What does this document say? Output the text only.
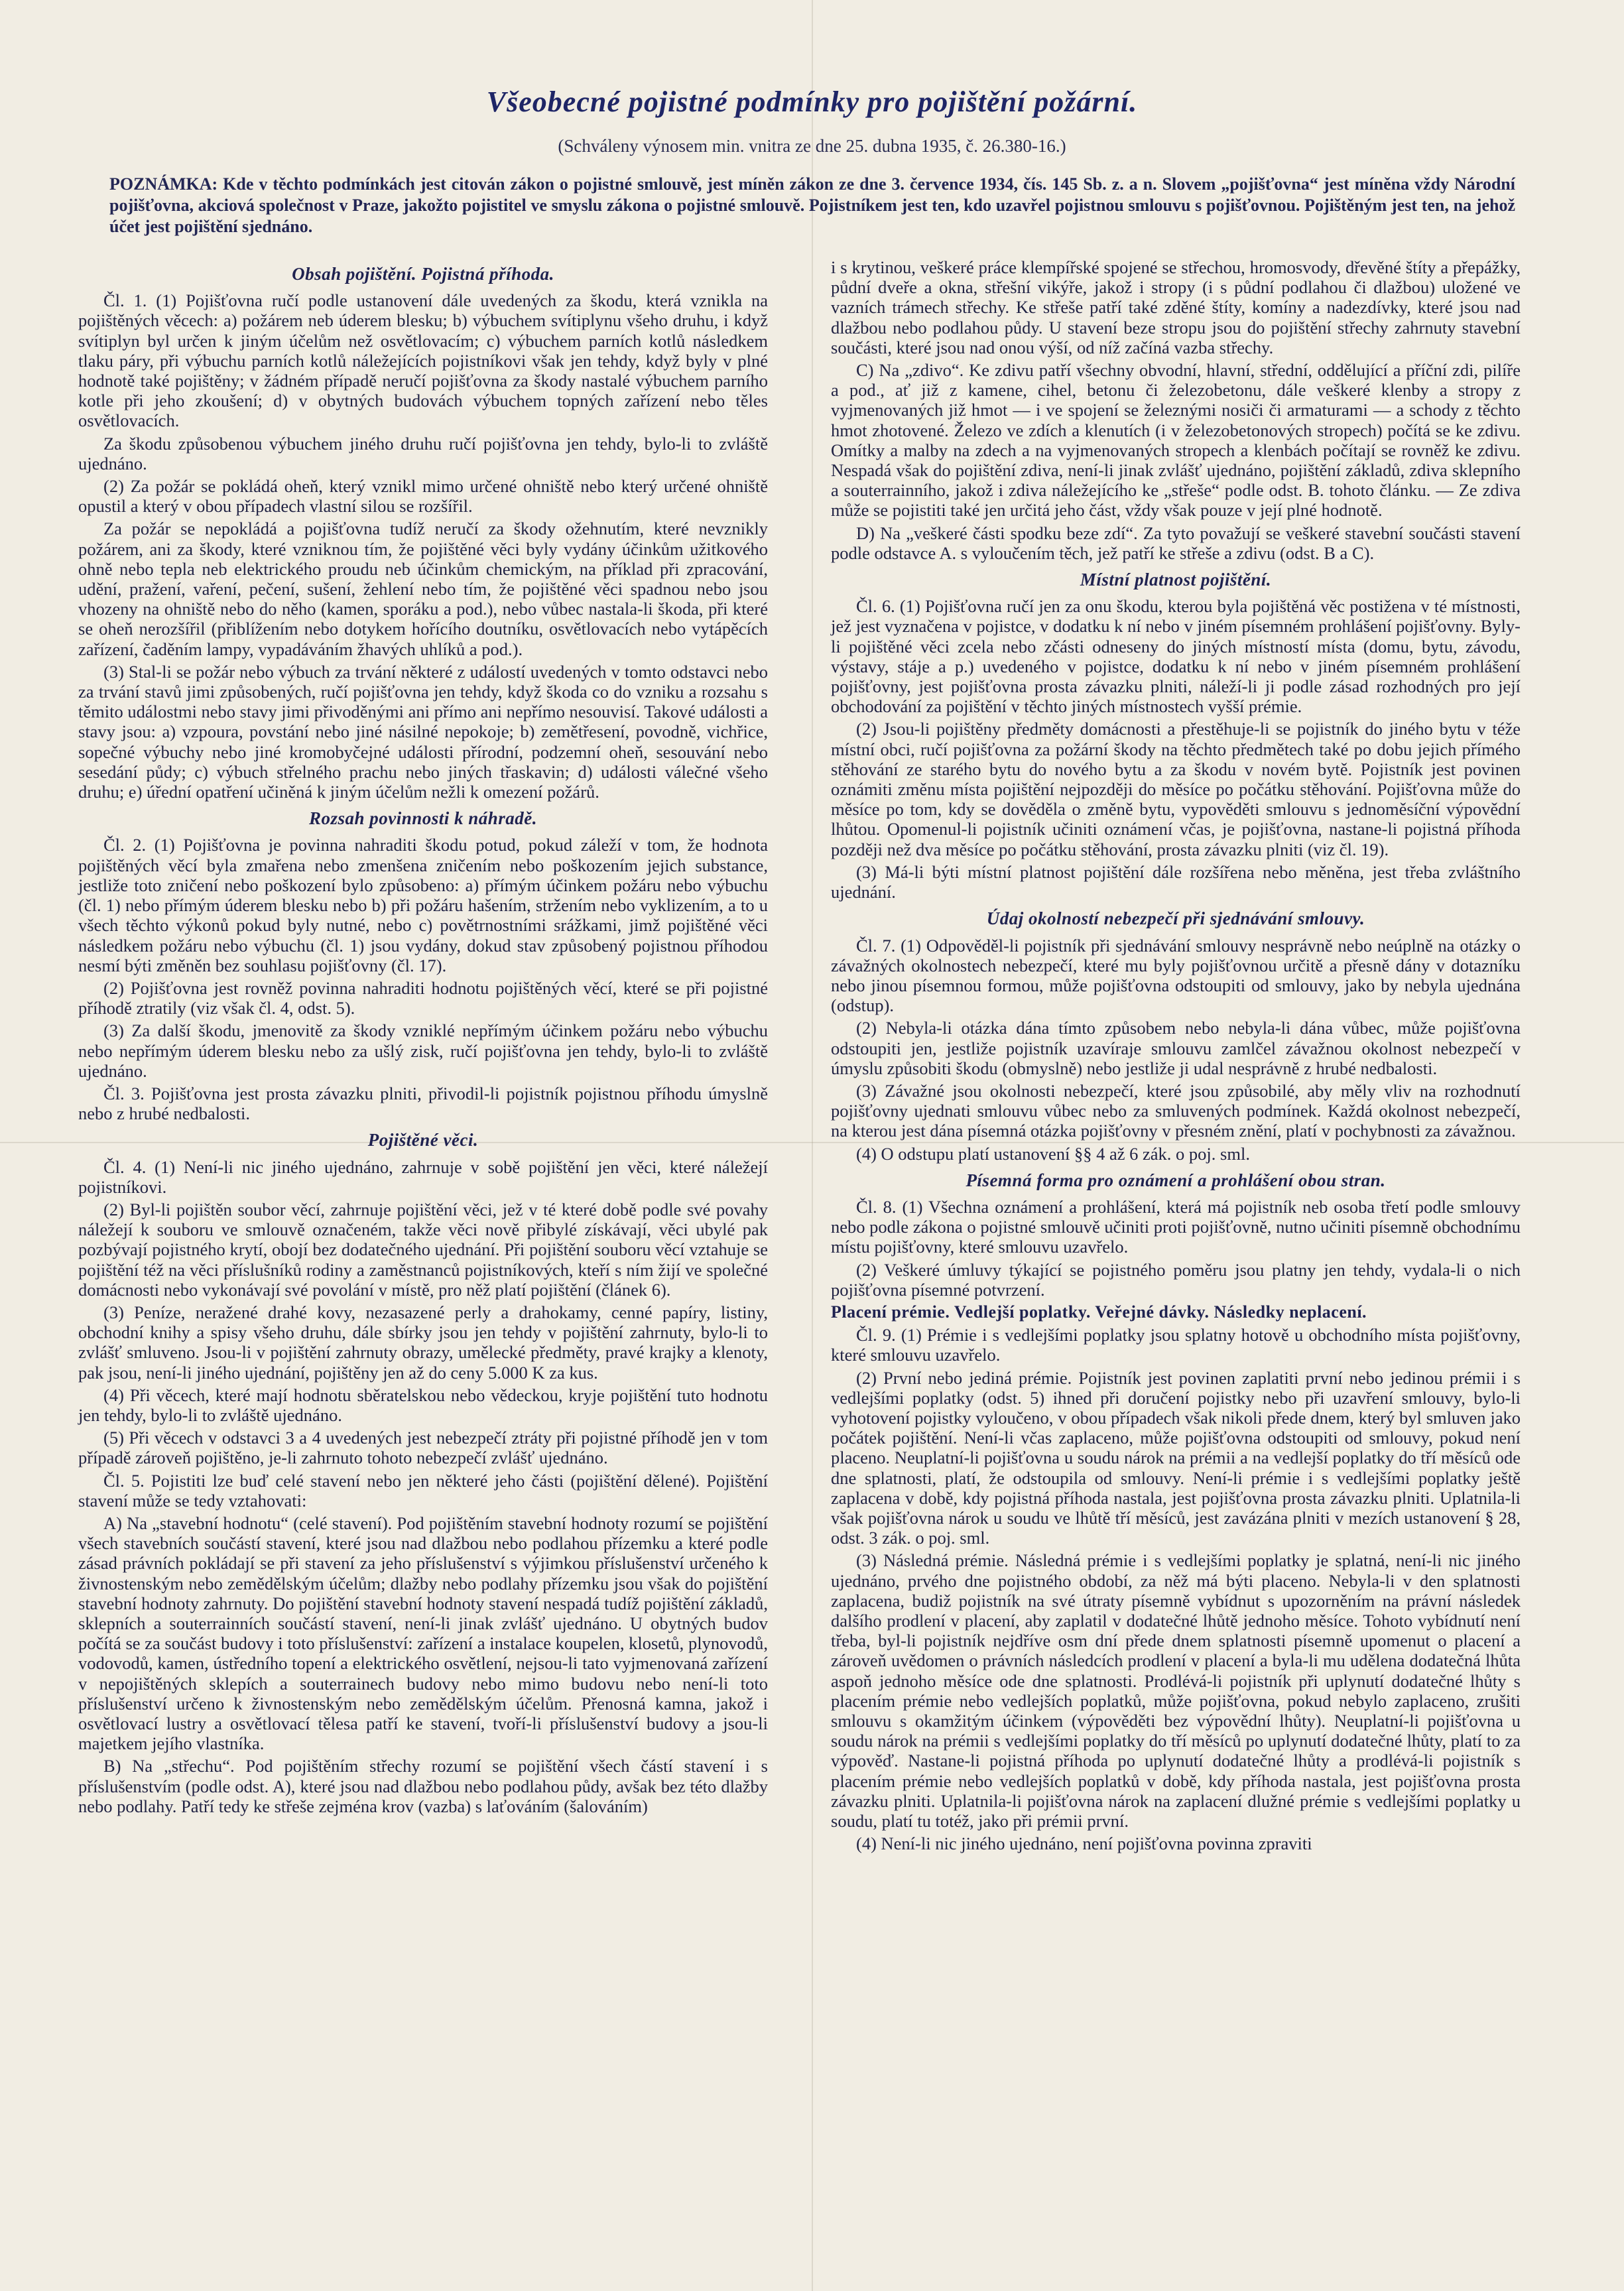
Všeobecné pojistné podmínky pro pojištění požární.
(Schváleny výnosem min. vnitra ze dne 25. dubna 1935, č. 26.380-16.)
POZNÁMKA: Kde v těchto podmínkách jest citován zákon o pojistné smlouvě, jest míněn zákon ze dne 3. července 1934, čís. 145 Sb. z. a n. Slovem „pojišťovna“ jest míněna vždy Národní pojišťovna, akciová společnost v Praze, jakožto pojistitel ve smyslu zákona o pojistné smlouvě. Pojistníkem jest ten, kdo uzavřel pojistnou smlouvu s pojišťovnou. Pojištěným jest ten, na jehož účet jest pojištění sjednáno.
Obsah pojištění. Pojistná příhoda.

Čl. 1. (1) Pojišťovna ručí podle ustanovení dále uvedených za škodu, která vznikla na pojištěných věcech: a) požárem neb úderem blesku; b) výbuchem svítiplynu všeho druhu, i když svítiplyn byl určen k jiným účelům než osvětlovacím; c) výbuchem parních kotlů následkem tlaku páry, při výbuchu parních kotlů náležejících pojistníkovi však jen tehdy, když byly v plné hodnotě také pojištěny; v žádném případě neručí pojišťovna za škody nastalé výbuchem parního kotle při jeho zkoušení; d) v obytných budovách výbuchem topných zařízení nebo těles osvětlovacích.

Za škodu způsobenou výbuchem jiného druhu ručí pojišťovna jen tehdy, bylo-li to zvláště ujednáno.

(2) Za požár se pokládá oheň, který vznikl mimo určené ohniště nebo který určené ohniště opustil a který v obou případech vlastní silou se rozšířil.

Za požár se nepokládá a pojišťovna tudíž neručí za škody ožehnutím, které nevznikly požárem, ani za škody, které vzniknou tím, že pojištěné věci byly vydány účinkům užitkového ohně nebo tepla neb elektrického proudu neb účinkům chemickým, na příklad při zpracování, udění, pražení, vaření, pečení, sušení, žehlení nebo tím, že pojištěné věci spadnou nebo jsou vhozeny na ohniště nebo do něho (kamen, sporáku a pod.), nebo vůbec nastala-li škoda, při které se oheň nerozšířil (přiblížením nebo dotykem hořícího doutníku, osvětlovacích nebo vytápěcích zařízení, čaděním lampy, vypadáváním žhavých uhlíků a pod.).

(3) Stal-li se požár nebo výbuch za trvání některé z událostí uvedených v tomto odstavci nebo za trvání stavů jimi způsobených, ručí pojišťovna jen tehdy, když škoda co do vzniku a rozsahu s těmito událostmi nebo stavy jimi přivoděnými ani přímo ani nepřímo nesouvisí. Takové události a stavy jsou: a) vzpoura, povstání nebo jiné násilné nepokoje; b) zemětřesení, povodně, vichřice, sopečné výbuchy nebo jiné kromobyčejné události přírodní, podzemní oheň, sesouvání nebo sesedání půdy; c) výbuch střelného prachu nebo jiných třaskavin; d) události válečné všeho druhu; e) úřední opatření učiněná k jiným účelům nežli k omezení požárů.

Rozsah povinnosti k náhradě.

Čl. 2. (1) Pojišťovna je povinna nahraditi škodu potud, pokud záleží v tom, že hodnota pojištěných věcí byla zmařena nebo zmenšena zničením nebo poškozením jejich substance, jestliže toto zničení nebo poškození bylo způsobeno: a) přímým účinkem požáru nebo výbuchu (čl. 1) nebo přímým úderem blesku nebo b) při požáru hašením, stržením nebo vyklizením, a to u všech těchto výkonů pokud byly nutné, nebo c) povětrnostními srážkami, jimž pojištěné věci následkem požáru nebo výbuchu (čl. 1) jsou vydány, dokud stav způsobený pojistnou příhodou nesmí býti změněn bez souhlasu pojišťovny (čl. 17).

(2) Pojišťovna jest rovněž povinna nahraditi hodnotu pojištěných věcí, které se při pojistné příhodě ztratily (viz však čl. 4, odst. 5).

(3) Za další škodu, jmenovitě za škody vzniklé nepřímým účinkem požáru nebo výbuchu nebo nepřímým úderem blesku nebo za ušlý zisk, ručí pojišťovna jen tehdy, bylo-li to zvláště ujednáno.

Čl. 3. Pojišťovna jest prosta závazku plniti, přivodil-li pojistník pojistnou příhodu úmyslně nebo z hrubé nedbalosti.

Pojištěné věci.

Čl. 4. (1) Není-li nic jiného ujednáno, zahrnuje v sobě pojištění jen věci, které náležejí pojistníkovi.

(2) Byl-li pojištěn soubor věcí, zahrnuje pojištění věci, jež v té které době podle své povahy náležejí k souboru ve smlouvě označeném, takže věci nově přibylé získávají, věci ubylé pak pozbývají pojistného krytí, obojí bez dodatečného ujednání. Při pojištění souboru věcí vztahuje se pojištění též na věci příslušníků rodiny a zaměstnanců pojistníkových, kteří s ním žijí ve společné domácnosti nebo vykonávají své povolání v místě, pro něž platí pojištění (článek 6).

(3) Peníze, neražené drahé kovy, nezasazené perly a drahokamy, cenné papíry, listiny, obchodní knihy a spisy všeho druhu, dále sbírky jsou jen tehdy v pojištění zahrnuty, bylo-li to zvlášť smluveno. Jsou-li v pojištění zahrnuty obrazy, umělecké předměty, pravé krajky a klenoty, pak jsou, není-li jiného ujednání, pojištěny jen až do ceny 5.000 K za kus.

(4) Při věcech, které mají hodnotu sběratelskou nebo vědeckou, kryje pojištění tuto hodnotu jen tehdy, bylo-li to zvláště ujednáno.

(5) Při věcech v odstavci 3 a 4 uvedených jest nebezpečí ztráty při pojistné příhodě jen v tom případě zároveň pojištěno, je-li zahrnuto tohoto nebezpečí zvlášť ujednáno.

Čl. 5. Pojistiti lze buď celé stavení nebo jen některé jeho části (pojištění dělené). Pojištění stavení může se tedy vztahovati:

A) Na „stavební hodnotu“ (celé stavení). Pod pojištěním stavební hodnoty rozumí se pojištění všech stavebních součástí stavení, které jsou nad dlažbou nebo podlahou přízemku a které podle zásad právních pokládají se při stavení za jeho příslušenství s výjimkou příslušenství určeného k živnostenským nebo zemědělským účelům; dlažby nebo podlahy přízemku jsou však do pojištění stavební hodnoty zahrnuty. Do pojištění stavební hodnoty stavení nespadá tudíž pojištění základů, sklepních a souterrainních součástí stavení, není-li jinak zvlášť ujednáno. U obytných budov počítá se za součást budovy i toto příslušenství: zařízení a instalace koupelen, klosetů, plynovodů, vodovodů, kamen, ústředního topení a elektrického osvětlení, nejsou-li tato vyjmenovaná zařízení v nepojištěných sklepích a souterrainech budovy nebo mimo budovu nebo není-li toto příslušenství určeno k živnostenským nebo zemědělským účelům. Přenosná kamna, jakož i osvětlovací lustry a osvětlovací tělesa patří ke stavení, tvoří-li příslušenství budovy a jsou-li majetkem jejího vlastníka.

B) Na „střechu“. Pod pojištěním střechy rozumí se pojištění všech částí stavení i s příslušenstvím (podle odst. A), které jsou nad dlažbou nebo podlahou půdy, avšak bez této dlažby nebo podlahy. Patří tedy ke střeše zejména krov (vazba) s laťováním (šalováním)

i s krytinou, veškeré práce klempířské spojené se střechou, hromosvody, dřevěné štíty a přepážky, půdní dveře a okna, střešní vikýře, jakož i stropy (i s půdní podlahou či dlažbou) uložené ve vazních trámech střechy. Ke střeše patří také zděné štíty, komíny a nadezdívky, které jsou nad dlažbou nebo podlahou půdy. U stavení beze stropu jsou do pojištění střechy zahrnuty stavební součásti, které jsou nad onou výší, od níž začíná vazba střechy.

C) Na „zdivo“. Ke zdivu patří všechny obvodní, hlavní, střední, oddělující a příční zdi, pilíře a pod., ať již z kamene, cihel, betonu či železobetonu, dále veškeré klenby a stropy z vyjmenovaných již hmot — i ve spojení se železnými nosiči či armaturami — a schody z těchto hmot zhotovené. Železo ve zdích a klenutích (i v železobetonových stropech) počítá se ke zdivu. Omítky a malby na zdech a na vyjmenovaných stropech a klenbách počítají se rovněž ke zdivu. Nespadá však do pojištění zdiva, není-li jinak zvlášť ujednáno, pojištění základů, zdiva sklepního a souterrainního, jakož i zdiva náležejícího ke „střeše“ podle odst. B. tohoto článku. — Ze zdiva může se pojistiti také jen určitá jeho část, vždy však pouze v její plné hodnotě.

D) Na „veškeré části spodku beze zdí“. Za tyto považují se veškeré stavební součásti stavení podle odstavce A. s vyloučením těch, jež patří ke střeše a zdivu (odst. B a C).

Místní platnost pojištění.

Čl. 6. (1) Pojišťovna ručí jen za onu škodu, kterou byla pojištěná věc postižena v té místnosti, jež jest vyznačena v pojistce, v dodatku k ní nebo v jiném písemném prohlášení pojišťovny. Byly-li pojištěné věci zcela nebo zčásti odneseny do jiných místností místa (domu, bytu, závodu, výstavy, stáje a p.) uvedeného v pojistce, dodatku k ní nebo v jiném písemném prohlášení pojišťovny, jest pojišťovna prosta závazku plniti, náleží-li ji podle zásad rozhodných pro její obchodování za pojištění v těchto jiných místnostech vyšší prémie.

(2) Jsou-li pojištěny předměty domácnosti a přestěhuje-li se pojistník do jiného bytu v téže místní obci, ručí pojišťovna za požární škody na těchto předmětech také po dobu jejich přímého stěhování ze starého bytu do nového bytu a za škodu v novém bytě. Pojistník jest povinen oznámiti změnu místa pojištění nejpozději do měsíce po počátku stěhování. Pojišťovna může do měsíce po tom, kdy se dověděla o změně bytu, vypověděti smlouvu s jednoměsíční výpovědní lhůtou. Opomenul-li pojistník učiniti oznámení včas, je pojišťovna, nastane-li pojistná příhoda později než dva měsíce po počátku stěhování, prosta závazku plniti (viz čl. 19).

(3) Má-li býti místní platnost pojištění dále rozšířena nebo měněna, jest třeba zvláštního ujednání.

Údaj okolností nebezpečí při sjednávání smlouvy.

Čl. 7. (1) Odpověděl-li pojistník při sjednávání smlouvy nesprávně nebo neúplně na otázky o závažných okolnostech nebezpečí, které mu byly pojišťovnou určitě a přesně dány v dotazníku nebo jinou písemnou formou, může pojišťovna odstoupiti od smlouvy, jako by nebyla ujednána (odstup).

(2) Nebyla-li otázka dána tímto způsobem nebo nebyla-li dána vůbec, může pojišťovna odstoupiti jen, jestliže pojistník uzavíraje smlouvu zamlčel závažnou okolnost nebezpečí v úmyslu způsobiti škodu (obmyslně) nebo jestliže ji udal nesprávně z hrubé nedbalosti.

(3) Závažné jsou okolnosti nebezpečí, které jsou způsobilé, aby měly vliv na rozhodnutí pojišťovny ujednati smlouvu vůbec nebo za smluvených podmínek. Každá okolnost nebezpečí, na kterou jest dána písemná otázka pojišťovny v přesném znění, platí v pochybnosti za závažnou.

(4) O odstupu platí ustanovení §§ 4 až 6 zák. o poj. sml.

Písemná forma pro oznámení a prohlášení obou stran.

Čl. 8. (1) Všechna oznámení a prohlášení, která má pojistník neb osoba třetí podle smlouvy nebo podle zákona o pojistné smlouvě učiniti proti pojišťovně, nutno učiniti písemně obchodnímu místu pojišťovny, které smlouvu uzavřelo.

(2) Veškeré úmluvy týkající se pojistného poměru jsou platny jen tehdy, vydala-li o nich pojišťovna písemné potvrzení.

Placení prémie. Vedlejší poplatky. Veřejné dávky. Následky neplacení.

Čl. 9. (1) Prémie i s vedlejšími poplatky jsou splatny hotově u obchodního místa pojišťovny, které smlouvu uzavřelo.

(2) První nebo jediná prémie. Pojistník jest povinen zaplatiti první nebo jedinou prémii i s vedlejšími poplatky (odst. 5) ihned při doručení pojistky nebo při uzavření smlouvy, bylo-li vyhotovení pojistky vyloučeno, v obou případech však nikoli přede dnem, který byl smluven jako počátek pojištění. Není-li včas zaplaceno, může pojišťovna odstoupiti od smlouvy, pokud není placeno. Neuplatní-li pojišťovna u soudu nárok na prémii a na vedlejší poplatky do tří měsíců ode dne splatnosti, platí, že odstoupila od smlouvy. Není-li prémie i s vedlejšími poplatky ještě zaplacena v době, kdy pojistná příhoda nastala, jest pojišťovna prosta závazku plniti. Uplatnila-li však pojišťovna nárok u soudu ve lhůtě tří měsíců, jest zavázána plniti v mezích ustanovení § 28, odst. 3 zák. o poj. sml.

(3) Následná prémie. Následná prémie i s vedlejšími poplatky je splatná, není-li nic jiného ujednáno, prvého dne pojistného období, za něž má býti placeno. Nebyla-li v den splatnosti zaplacena, budiž pojistník na své útraty písemně vybídnut s upozorněním na právní následek dalšího prodlení v placení, aby zaplatil v dodatečné lhůtě jednoho měsíce. Tohoto vybídnutí není třeba, byl-li pojistník nejdříve osm dní přede dnem splatnosti písemně upomenut o placení a zároveň uvědomen o právních následcích prodlení v placení a byla-li mu udělena dodatečná lhůta aspoň jednoho měsíce ode dne splatnosti. Prodlévá-li pojistník při uplynutí dodatečné lhůty s placením prémie nebo vedlejších poplatků, může pojišťovna, pokud nebylo zaplaceno, zrušiti smlouvu s okamžitým účinkem (výpověděti bez výpovědní lhůty). Neuplatní-li pojišťovna u soudu nárok na prémii s vedlejšími poplatky do tří měsíců po uplynutí dodatečné lhůty, platí to za výpověď. Nastane-li pojistná příhoda po uplynutí dodatečné lhůty a prodlévá-li pojistník s placením prémie nebo vedlejších poplatků v době, kdy příhoda nastala, jest pojišťovna prosta závazku plniti. Uplatnila-li pojišťovna nárok na zaplacení dlužné prémie s vedlejšími poplatky u soudu, platí tu totéž, jako při prémii první.

(4) Není-li nic jiného ujednáno, není pojišťovna povinna zpraviti
